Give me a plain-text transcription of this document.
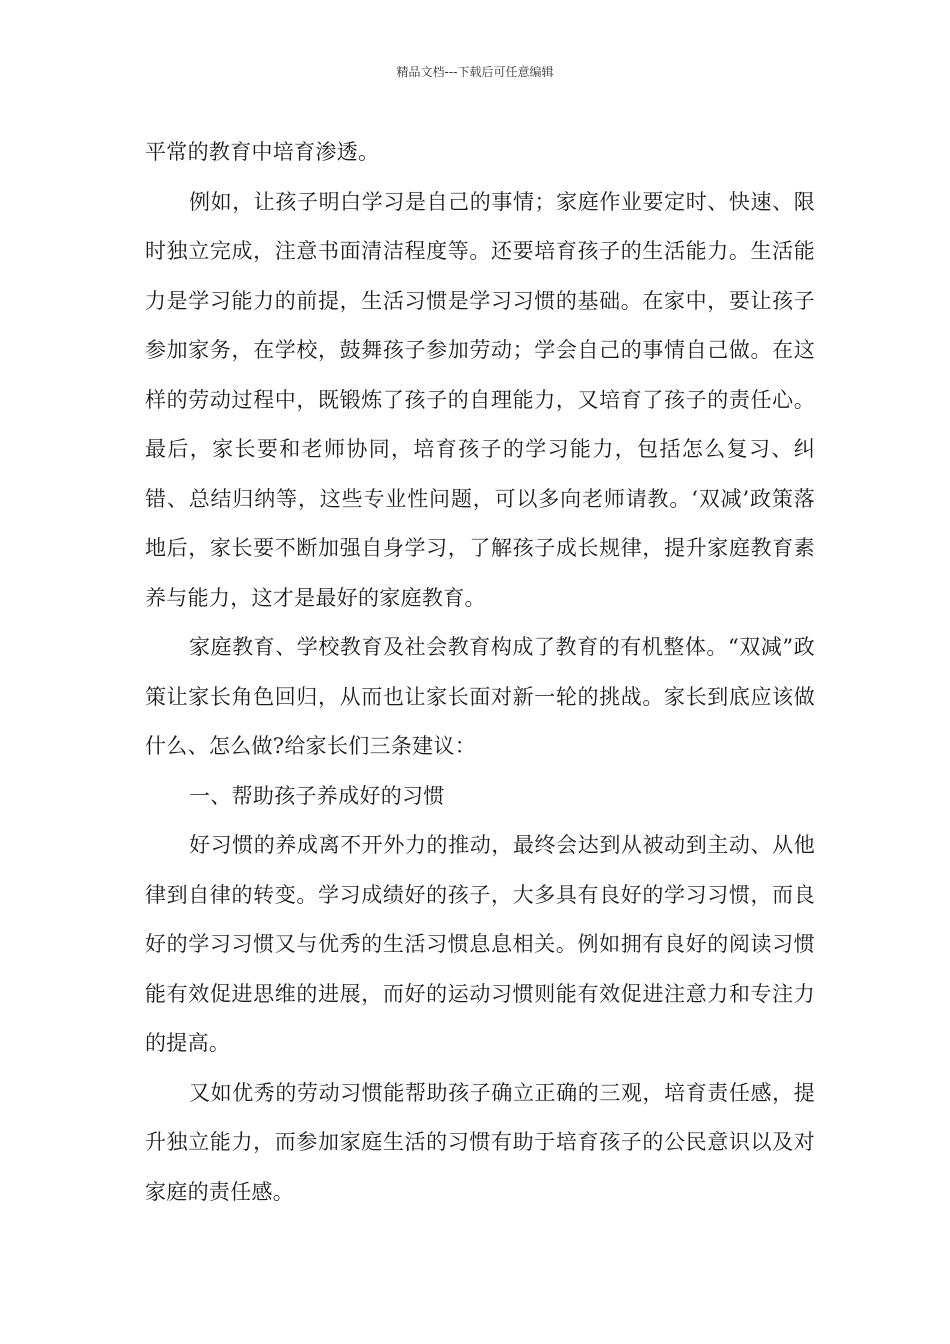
精品文档---下载后可任意编辑

平常的教育中培育渗透。

例如，让孩子明白学习是自己的事情；家庭作业要定时、快速、限时独立完成，注意书面清洁程度等。还要培育孩子的生活能力。生活能力是学习能力的前提，生活习惯是学习习惯的基础。在家中，要让孩子参加家务，在学校，鼓舞孩子参加劳动；学会自己的事情自己做。在这样的劳动过程中，既锻炼了孩子的自理能力，又培育了孩子的责任心。最后，家长要和老师协同，培育孩子的学习能力，包括怎么复习、纠错、总结归纳等，这些专业性问题，可以多向老师请教。‘双减’政策落地后，家长要不断加强自身学习，了解孩子成长规律，提升家庭教育素养与能力，这才是最好的家庭教育。

家庭教育、学校教育及社会教育构成了教育的有机整体。“双减”政策让家长角色回归，从而也让家长面对新一轮的挑战。家长到底应该做什么、怎么做?给家长们三条建议：

一、帮助孩子养成好的习惯

好习惯的养成离不开外力的推动，最终会达到从被动到主动、从他律到自律的转变。学习成绩好的孩子，大多具有良好的学习习惯，而良好的学习习惯又与优秀的生活习惯息息相关。例如拥有良好的阅读习惯能有效促进思维的进展，而好的运动习惯则能有效促进注意力和专注力的提高。

又如优秀的劳动习惯能帮助孩子确立正确的三观，培育责任感，提升独立能力，而参加家庭生活的习惯有助于培育孩子的公民意识以及对家庭的责任感。
